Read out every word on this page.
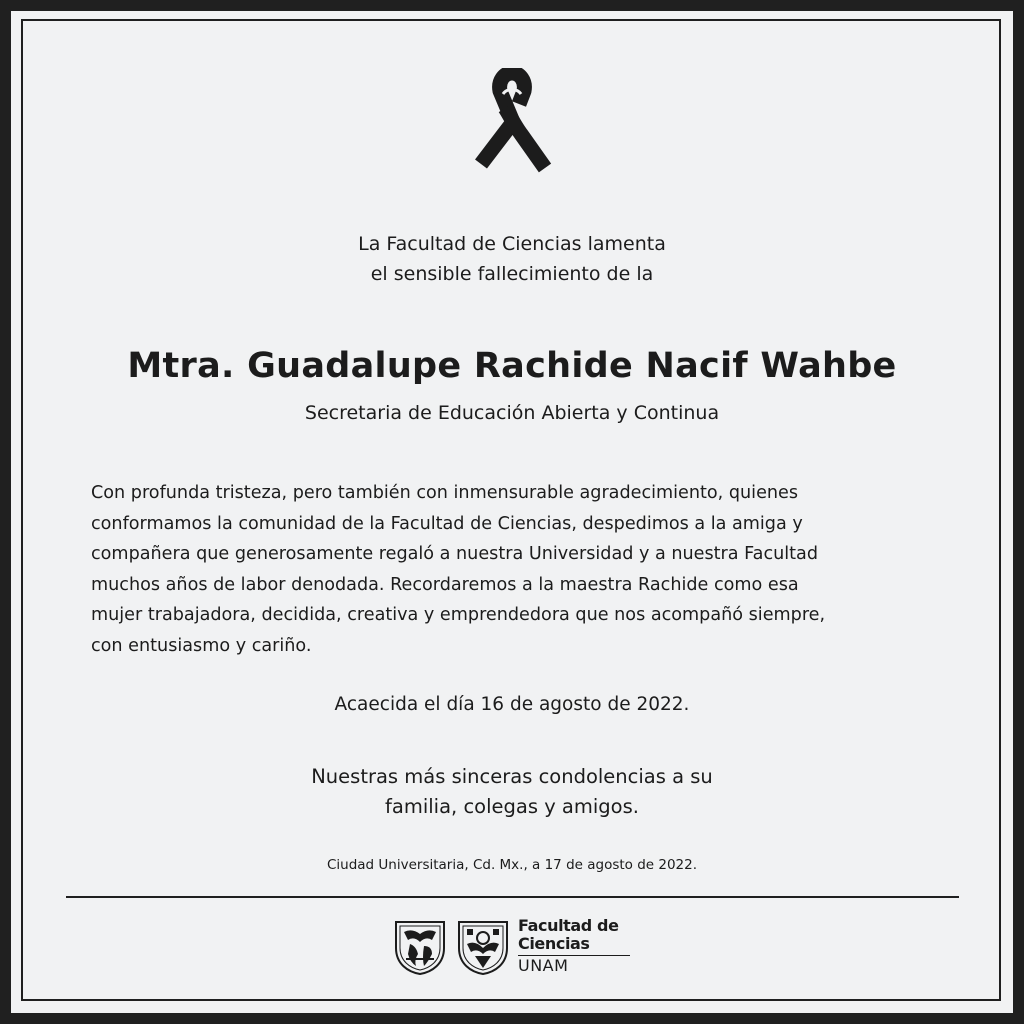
La Facultad de Ciencias lamenta
el sensible fallecimiento de la
Mtra. Guadalupe Rachide Nacif Wahbe
Secretaria de Educación Abierta y Continua
Con profunda tristeza, pero también con inmensurable agradecimiento, quienes
conformamos la comunidad de la Facultad de Ciencias, despedimos a la amiga y
compañera que generosamente regaló a nuestra Universidad y a nuestra Facultad
muchos años de labor denodada. Recordaremos a la maestra Rachide como esa
mujer trabajadora, decidida, creativa y emprendedora que nos acompañó siempre,
con entusiasmo y cariño.
Acaecida el día 16 de agosto de 2022.
Nuestras más sinceras condolencias a su
familia, colegas y amigos.
Ciudad Universitaria, Cd. Mx., a 17 de agosto de 2022.
Facultad de
Ciencias
UNAM
